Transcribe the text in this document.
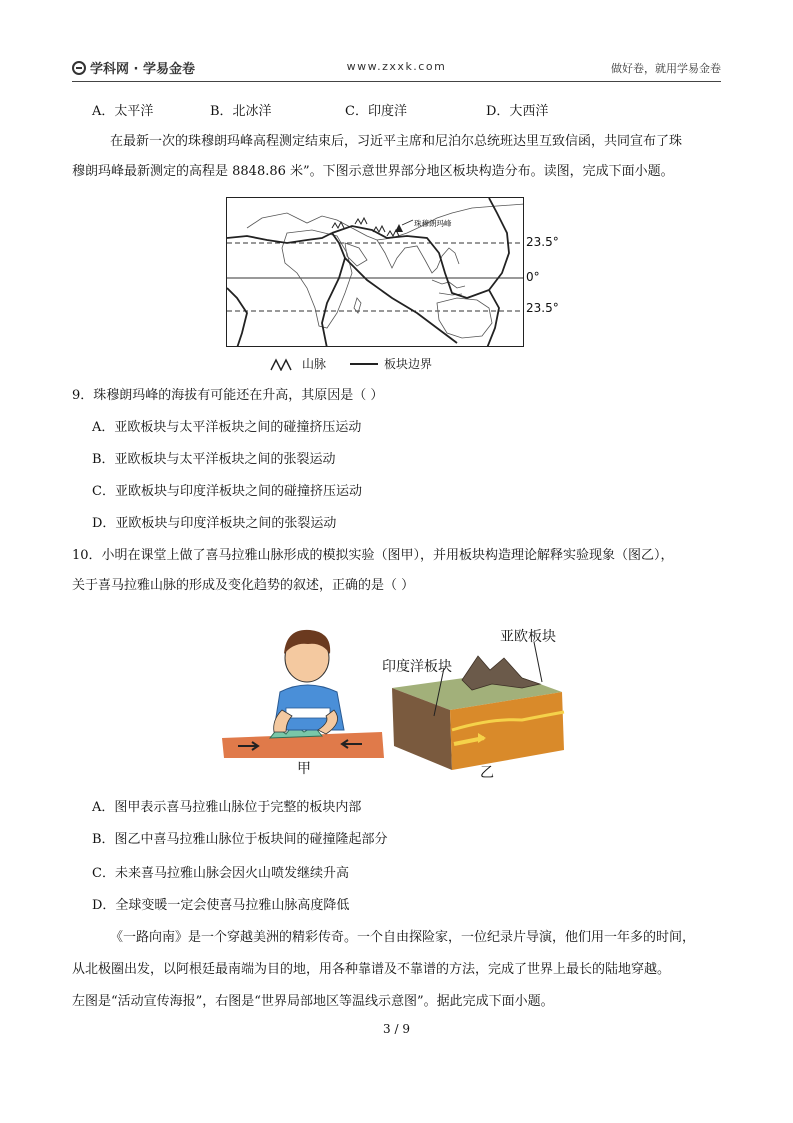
学科网 · 学易金卷	www.zxxk.com	做好卷，就用学易金卷
A．太平洋	B．北冰洋	C．印度洋	D．大西洋
在最新一次的珠穆朗玛峰高程测定结束后，习近平主席和尼泊尔总统班达里互致信函，共同宣布了珠
穆朗玛峰最新测定的高程是 8848.86 米”。下图示意世界部分地区板块构造分布。读图，完成下面小题。
珠穆朗玛峰
23.5°
0°
23.5°
山脉	板块边界
9．珠穆朗玛峰的海拔有可能还在升高，其原因是（ ）
A．亚欧板块与太平洋板块之间的碰撞挤压运动
B．亚欧板块与太平洋板块之间的张裂运动
C．亚欧板块与印度洋板块之间的碰撞挤压运动
D．亚欧板块与印度洋板块之间的张裂运动
10．小明在课堂上做了喜马拉雅山脉形成的模拟实验（图甲），并用板块构造理论解释实验现象（图乙），
关于喜马拉雅山脉的形成及变化趋势的叙述，正确的是（ ）
印度洋板块
亚欧板块
甲	乙
A．图甲表示喜马拉雅山脉位于完整的板块内部
B．图乙中喜马拉雅山脉位于板块间的碰撞隆起部分
C．未来喜马拉雅山脉会因火山喷发继续升高
D．全球变暖一定会使喜马拉雅山脉高度降低
《一路向南》是一个穿越美洲的精彩传奇。一个自由探险家，一位纪录片导演，他们用一年多的时间，
从北极圈出发，以阿根廷最南端为目的地，用各种靠谱及不靠谱的方法，完成了世界上最长的陆地穿越。
左图是“活动宣传海报”，右图是“世界局部地区等温线示意图”。据此完成下面小题。
3 / 9
